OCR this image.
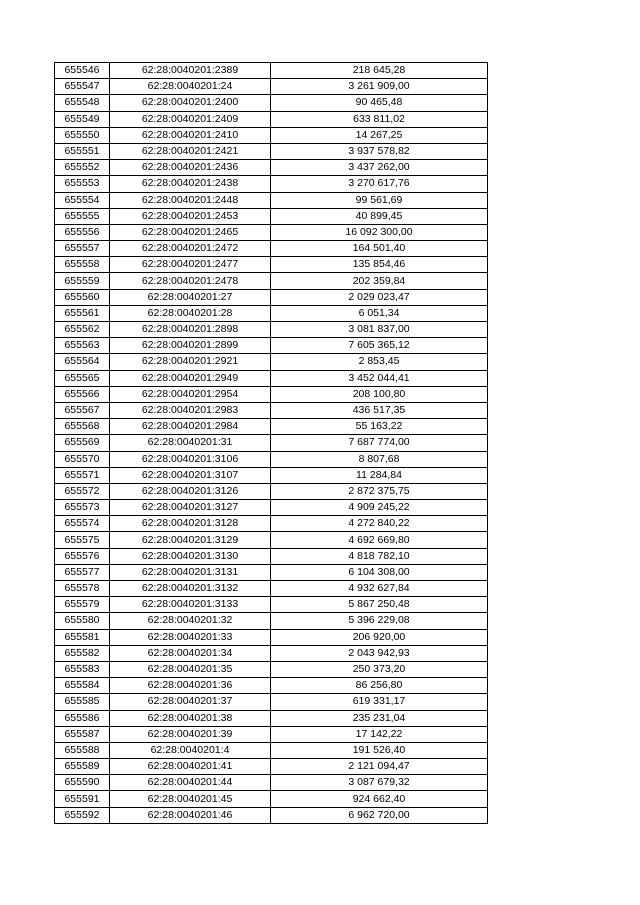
655546	62:28:0040201:2389	218 645,28
655547	62:28:0040201:24	3 261 909,00
655548	62:28:0040201:2400	90 465,48
655549	62:28:0040201:2409	633 811,02
655550	62:28:0040201:2410	14 267,25
655551	62:28:0040201:2421	3 937 578,82
655552	62:28:0040201:2436	3 437 262,00
655553	62:28:0040201:2438	3 270 617,76
655554	62:28:0040201:2448	99 561,69
655555	62:28:0040201:2453	40 899,45
655556	62:28:0040201:2465	16 092 300,00
655557	62:28:0040201:2472	164 501,40
655558	62:28:0040201:2477	135 854,46
655559	62:28:0040201:2478	202 359,84
655560	62:28:0040201:27	2 029 023,47
655561	62:28:0040201:28	6 051,34
655562	62:28:0040201:2898	3 081 837,00
655563	62:28:0040201:2899	7 605 365,12
655564	62:28:0040201:2921	2 853,45
655565	62:28:0040201:2949	3 452 044,41
655566	62:28:0040201:2954	208 100,80
655567	62:28:0040201:2983	436 517,35
655568	62:28:0040201:2984	55 163,22
655569	62:28:0040201:31	7 687 774,00
655570	62:28:0040201:3106	8 807,68
655571	62:28:0040201:3107	11 284,84
655572	62:28:0040201:3126	2 872 375,75
655573	62:28:0040201:3127	4 909 245,22
655574	62:28:0040201:3128	4 272 840,22
655575	62:28:0040201:3129	4 692 669,80
655576	62:28:0040201:3130	4 818 782,10
655577	62:28:0040201:3131	6 104 308,00
655578	62:28:0040201:3132	4 932 627,84
655579	62:28:0040201:3133	5 867 250,48
655580	62:28:0040201:32	5 396 229,08
655581	62:28:0040201:33	206 920,00
655582	62:28:0040201:34	2 043 942,93
655583	62:28:0040201:35	250 373,20
655584	62:28:0040201:36	86 256,80
655585	62:28:0040201:37	619 331,17
655586	62:28:0040201:38	235 231,04
655587	62:28:0040201:39	17 142,22
655588	62:28:0040201:4	191 526,40
655589	62:28:0040201:41	2 121 094,47
655590	62:28:0040201:44	3 087 679,32
655591	62:28:0040201:45	924 662,40
655592	62:28:0040201:46	6 962 720,00
